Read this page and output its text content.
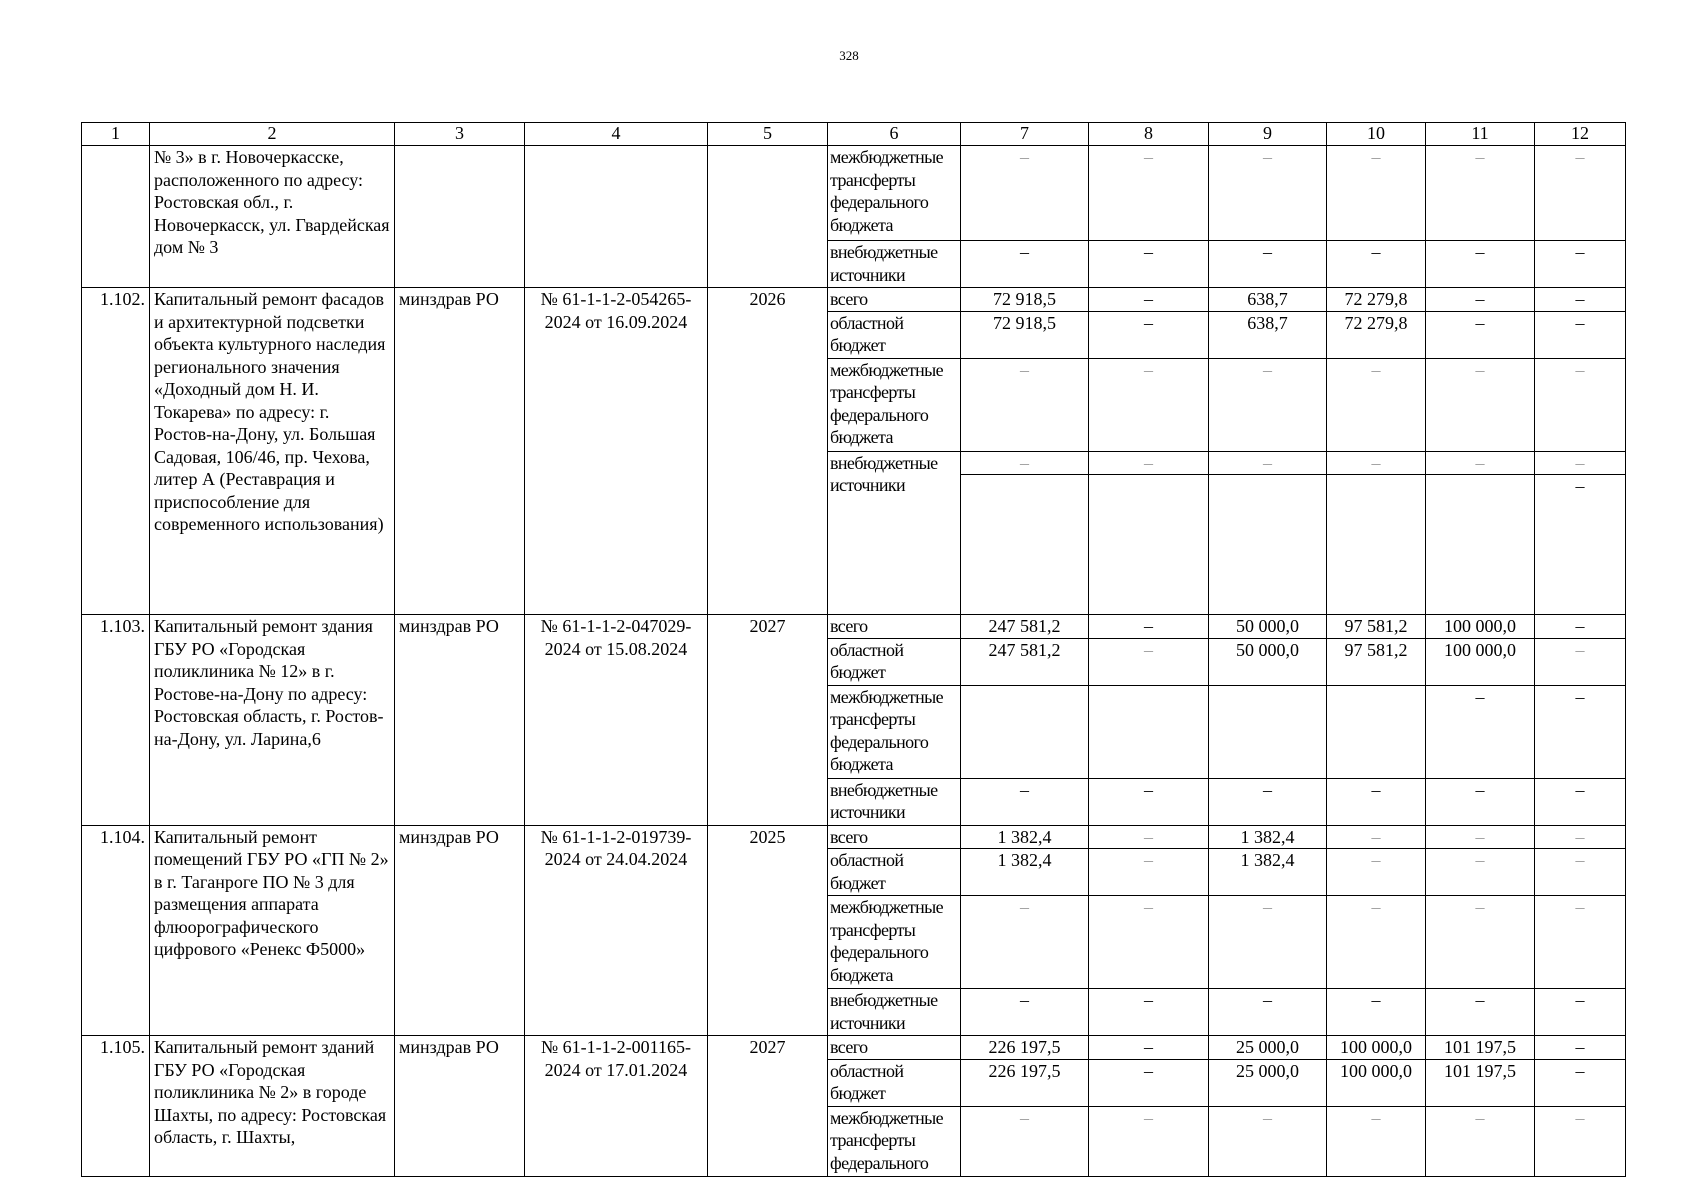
328
1	2	3	4	5	6	7	8	9	10	11	12
	№ 3» в г. Новочеркасске, расположенного по адресу: Ростовская обл., г. Новочеркасск, ул. Гвардейская дом № 3				межбюджетные трансферты федерального бюджета	–	–	–	–	–	–
					внебюджетные источники	–	–	–	–	–	–
1.102.	Капитальный ремонт фасадов и архитектурной подсветки объекта культурного наследия регионального значения «Доходный дом Н. И. Токарева» по адресу: г. Ростов-на-Дону, ул. Большая Садовая, 106/46, пр. Чехова, литер А (Реставрация и приспособление для современного использования)	минздрав РО	№ 61-1-1-2-054265-2024 от 16.09.2024	2026	всего	72 918,5	–	638,7	72 279,8	–	–
					областной бюджет	72 918,5	–	638,7	72 279,8	–	–
					межбюджетные трансферты федерального бюджета	–	–	–	–	–	–
					внебюджетные источники	–	–	–	–	–	–
											–
1.103.	Капитальный ремонт здания ГБУ РО «Городская поликлиника № 12» в г. Ростове-на-Дону по адресу: Ростовская область, г. Ростов-на-Дону, ул. Ларина,6	минздрав РО	№ 61-1-1-2-047029-2024 от 15.08.2024	2027	всего	247 581,2	–	50 000,0	97 581,2	100 000,0	–
					областной бюджет	247 581,2	–	50 000,0	97 581,2	100 000,0	–
					межбюджетные трансферты федерального бюджета					–	–
					внебюджетные источники	–	–	–	–	–	–
1.104.	Капитальный ремонт помещений ГБУ РО «ГП № 2» в г. Таганроге ПО № 3 для размещения аппарата флюорографического цифрового «Ренекс Ф5000»	минздрав РО	№ 61-1-1-2-019739-2024 от 24.04.2024	2025	всего	1 382,4	–	1 382,4	–	–	–
					областной бюджет	1 382,4	–	1 382,4	–	–	–
					межбюджетные трансферты федерального бюджета	–	–	–	–	–	–
					внебюджетные источники	–	–	–	–	–	–
1.105.	Капитальный ремонт зданий ГБУ РО «Городская поликлиника № 2» в городе Шахты, по адресу: Ростовская область, г. Шахты,	минздрав РО	№ 61-1-1-2-001165-2024 от 17.01.2024	2027	всего	226 197,5	–	25 000,0	100 000,0	101 197,5	–
					областной бюджет	226 197,5	–	25 000,0	100 000,0	101 197,5	–
					межбюджетные трансферты федерального	–	–	–	–	–	–
